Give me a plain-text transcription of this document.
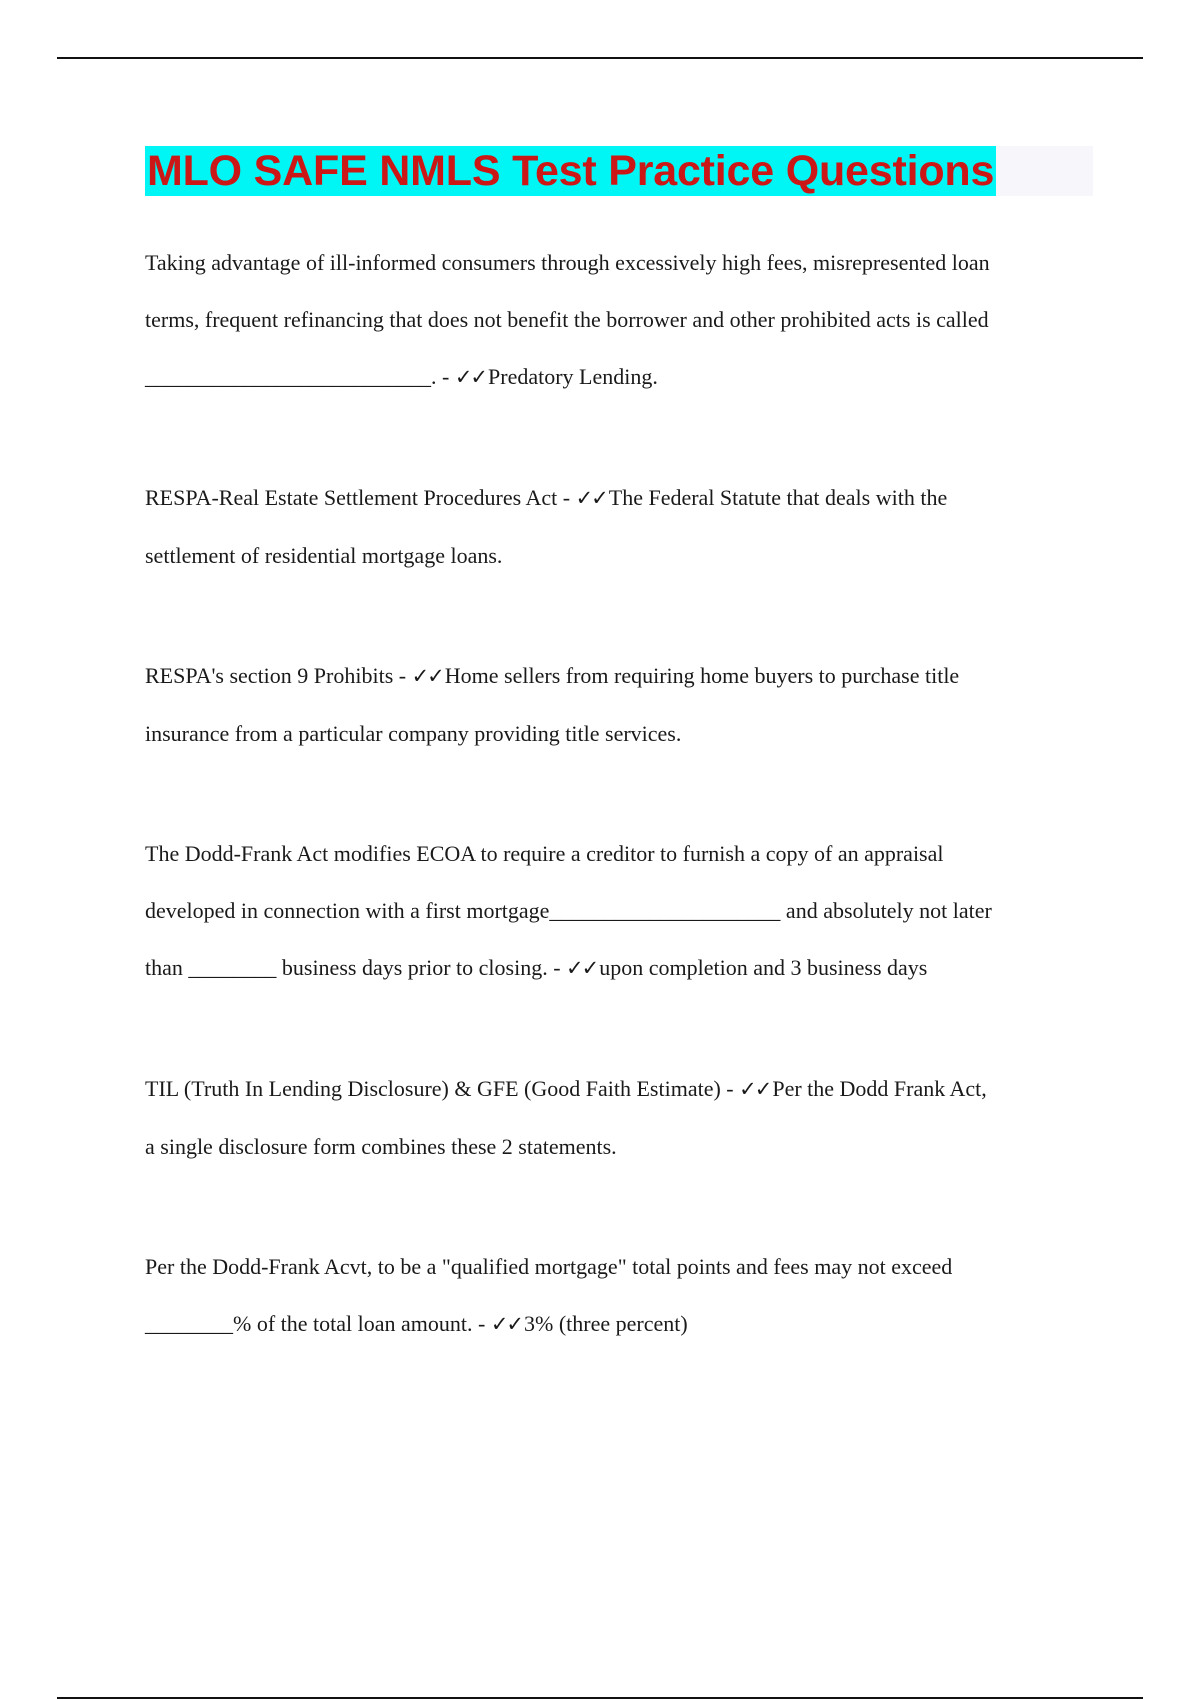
MLO SAFE NMLS Test Practice Questions

Taking advantage of ill-informed consumers through excessively high fees, misrepresented loan
terms, frequent refinancing that does not benefit the borrower and other prohibited acts is called
__________________________. - ✓✓Predatory Lending.

RESPA-Real Estate Settlement Procedures Act - ✓✓The Federal Statute that deals with the
settlement of residential mortgage loans.

RESPA's section 9 Prohibits - ✓✓Home sellers from requiring home buyers to purchase title
insurance from a particular company providing title services.

The Dodd-Frank Act modifies ECOA to require a creditor to furnish a copy of an appraisal
developed in connection with a first mortgage_____________________ and absolutely not later
than ________ business days prior to closing. - ✓✓upon completion and 3 business days

TIL (Truth In Lending Disclosure) & GFE (Good Faith Estimate) - ✓✓Per the Dodd Frank Act,
a single disclosure form combines these 2 statements.

Per the Dodd-Frank Acvt, to be a "qualified mortgage" total points and fees may not exceed
________% of the total loan amount. - ✓✓3% (three percent)
